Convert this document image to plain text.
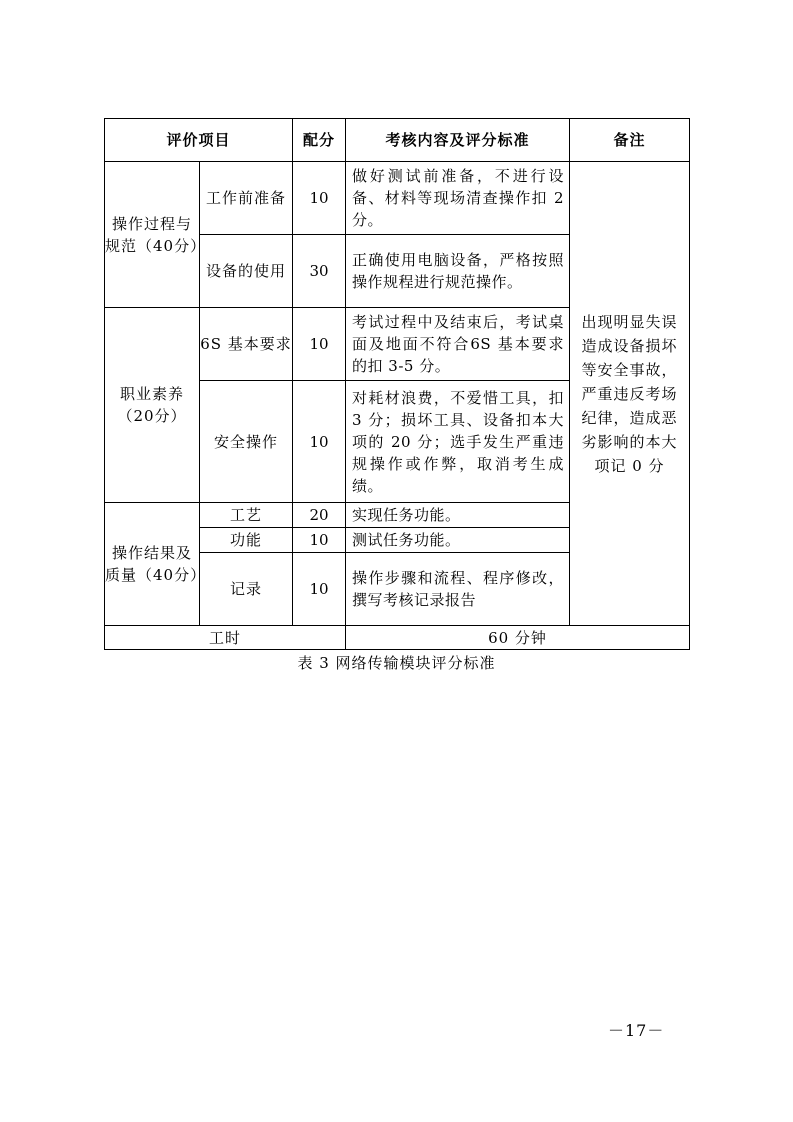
评价项目		配分	考核内容及评分标准	备注
操作过程与规范（40分）	工作前准备	10	做好测试前准备，不进行设备、材料等现场清查操作扣 2 分。	出现明显失误造成设备损坏等安全事故，严重违反考场纪律，造成恶劣影响的本大项记 0 分
	设备的使用	30	正确使用电脑设备，严格按照操作规程进行规范操作。	
职业素养（20分）	6S 基本要求	10	考试过程中及结束后，考试桌面及地面不符合6S 基本要求的扣 3-5 分。	
	安全操作	10	对耗材浪费，不爱惜工具，扣 3 分；损坏工具、设备扣本大项的 20 分；选手发生严重违规操作或作弊，取消考生成绩。	
操作结果及质量（40分）	工艺	20	实现任务功能。	
	功能	10	测试任务功能。	
	记录	10	操作步骤和流程、程序修改，撰写考核记录报告	
工时			60 分钟	
表 3 网络传输模块评分标准
－17－
